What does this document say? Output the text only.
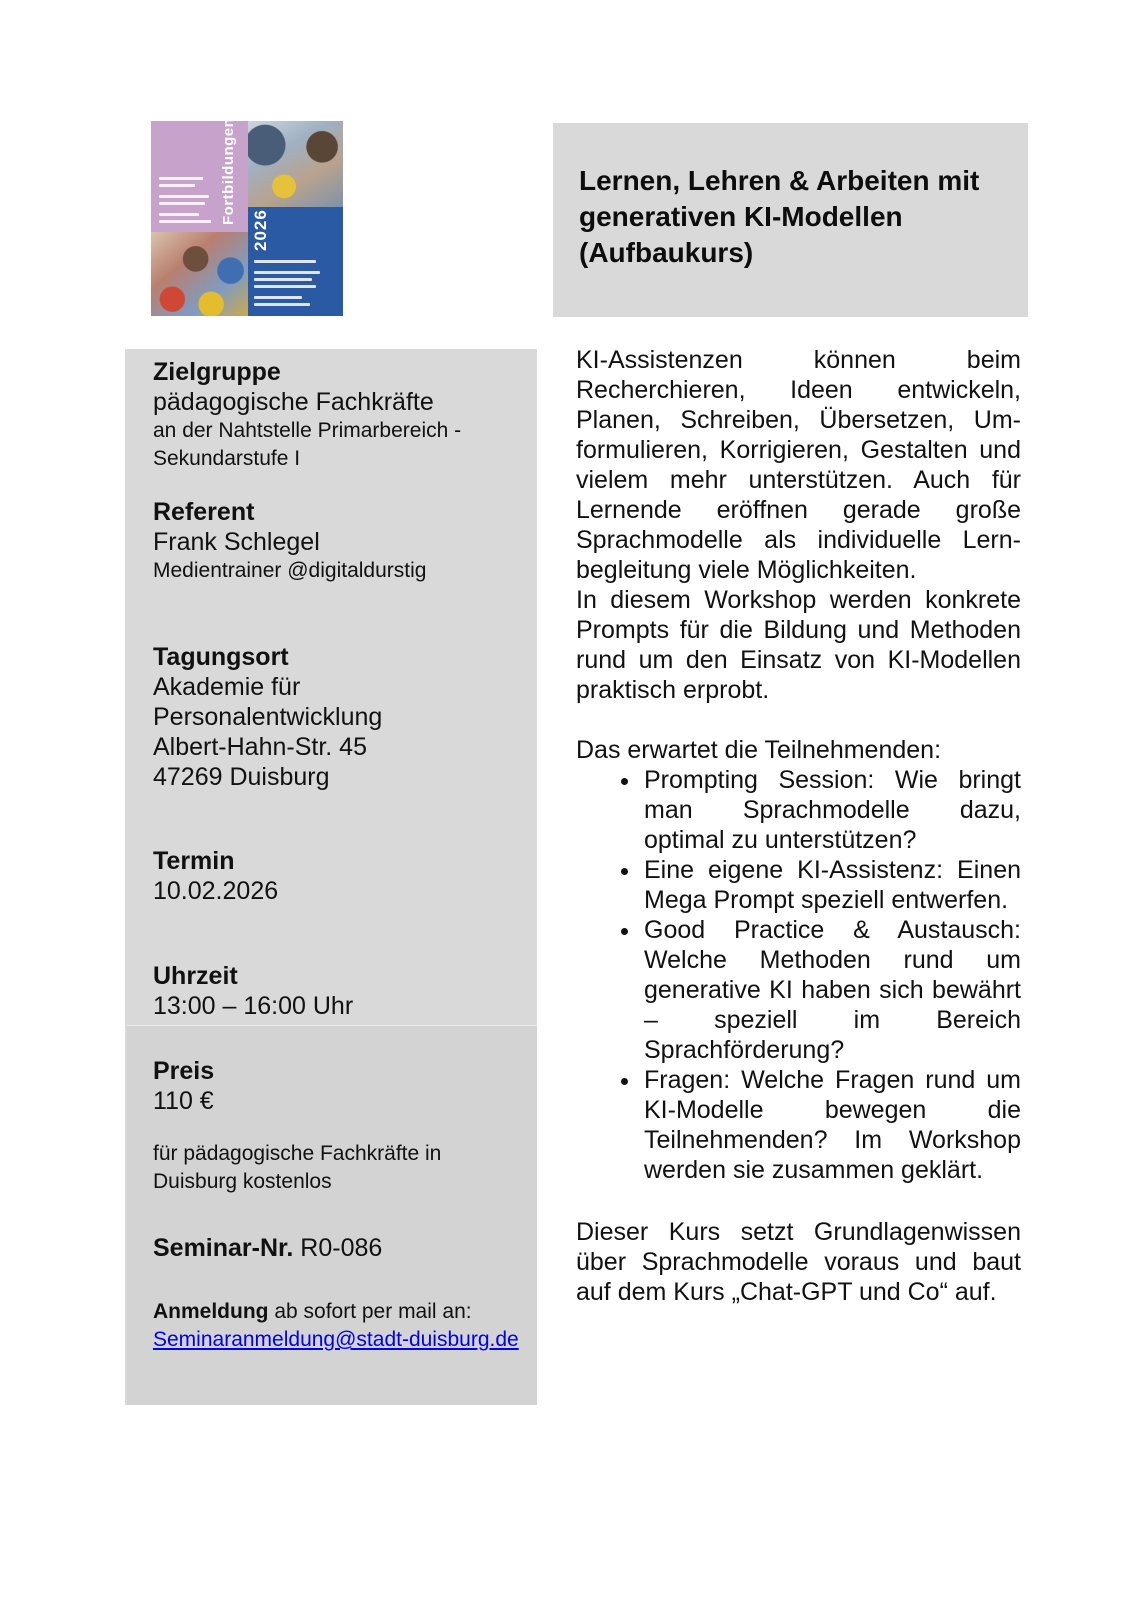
Fortbildungen
2026
Lernen, Lehren & Arbeiten mit
generativen KI-Modellen
(Aufbaukurs)
Zielgruppe
pädagogische Fachkräfte
an der Nahtstelle Primarbereich -
Sekundarstufe I
Referent
Frank Schlegel
Medientrainer @digitaldurstig
Tagungsort
Akademie für
Personalentwicklung
Albert-Hahn-Str. 45
47269 Duisburg
Termin
10.02.2026
Uhrzeit
13:00 – 16:00 Uhr
Preis
110 €
für pädagogische Fachkräfte in Duisburg kostenlos
Seminar-Nr. R0-086
Anmeldung ab sofort per mail an:
Seminaranmeldung@stadt-duisburg.de

KI-Assistenzen können beim Recherchieren, Ideen entwickeln, Planen, Schreiben, Übersetzen, Umformulieren, Korrigieren, Gestalten und vielem mehr unterstützen. Auch für Lernende eröffnen gerade große Sprachmodelle als individuelle Lernbegleitung viele Möglichkeiten.

In diesem Workshop werden konkrete Prompts für die Bildung und Methoden rund um den Einsatz von KI-Modellen praktisch erprobt.

Das erwartet die Teilnehmenden:
• Prompting Session: Wie bringt man Sprachmodelle dazu, optimal zu unterstützen?
• Eine eigene KI-Assistenz: Einen Mega Prompt speziell entwerfen.
• Good Practice & Austausch: Welche Methoden rund um generative KI haben sich bewährt – speziell im Bereich Sprachförderung?
• Fragen: Welche Fragen rund um KI-Modelle bewegen die Teilnehmenden? Im Workshop werden sie zusammen geklärt.

Dieser Kurs setzt Grundlagenwissen über Sprachmodelle voraus und baut auf dem Kurs „Chat-GPT und Co“ auf.
